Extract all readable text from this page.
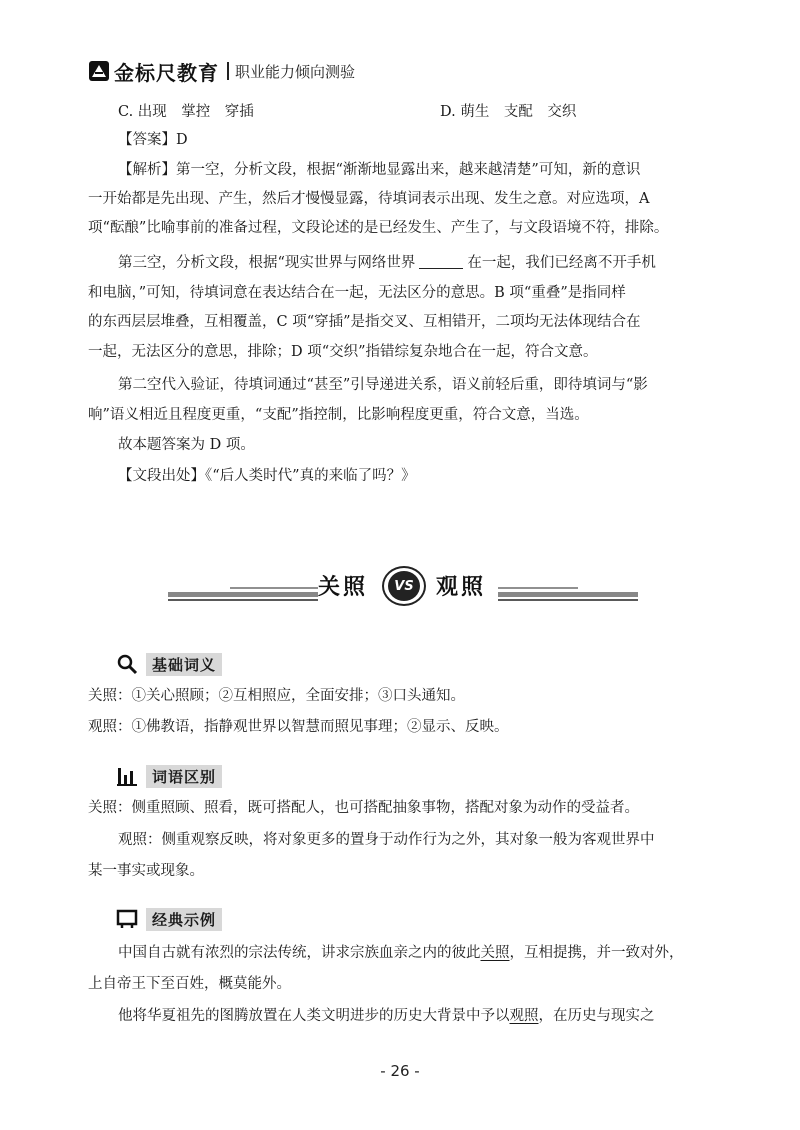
金标尺教育 职业能力倾向测验
C. 出现　掌控　穿插	D. 萌生　支配　交织
【答案】D
【解析】第一空，分析文段，根据“渐渐地显露出来，越来越清楚”可知，新的意识
一开始都是先出现、产生，然后才慢慢显露，待填词表示出现、发生之意。对应选项，A
项“酝酿”比喻事前的准备过程，文段论述的是已经发生、产生了，与文段语境不符，排除。
第三空，分析文段，根据“现实世界与网络世界	在一起，我们已经离不开手机
和电脑，”可知，待填词意在表达结合在一起，无法区分的意思。B 项“重叠”是指同样
的东西层层堆叠，互相覆盖，C 项“穿插”是指交叉、互相错开，二项均无法体现结合在
一起，无法区分的意思，排除；D 项“交织”指错综复杂地合在一起，符合文意。
第二空代入验证，待填词通过“甚至”引导递进关系，语义前轻后重，即待填词与“影
响”语义相近且程度更重，“支配”指控制，比影响程度更重，符合文意，当选。
故本题答案为 D 项。
【文段出处】《“后人类时代”真的来临了吗？》
关照	VS 观照
基础词义
关照：①关心照顾；②互相照应，全面安排；③口头通知。
观照：①佛教语，指静观世界以智慧而照见事理；②显示、反映。
词语区别
关照：侧重照顾、照看，既可搭配人，也可搭配抽象事物，搭配对象为动作的受益者。
观照：侧重观察反映，将对象更多的置身于动作行为之外，其对象一般为客观世界中
某一事实或现象。
经典示例
中国自古就有浓烈的宗法传统，讲求宗族血亲之内的彼此关照，互相提携，并一致对外，
上自帝王下至百姓，概莫能外。
他将华夏祖先的图腾放置在人类文明进步的历史大背景中予以观照，在历史与现实之
- 26 -
